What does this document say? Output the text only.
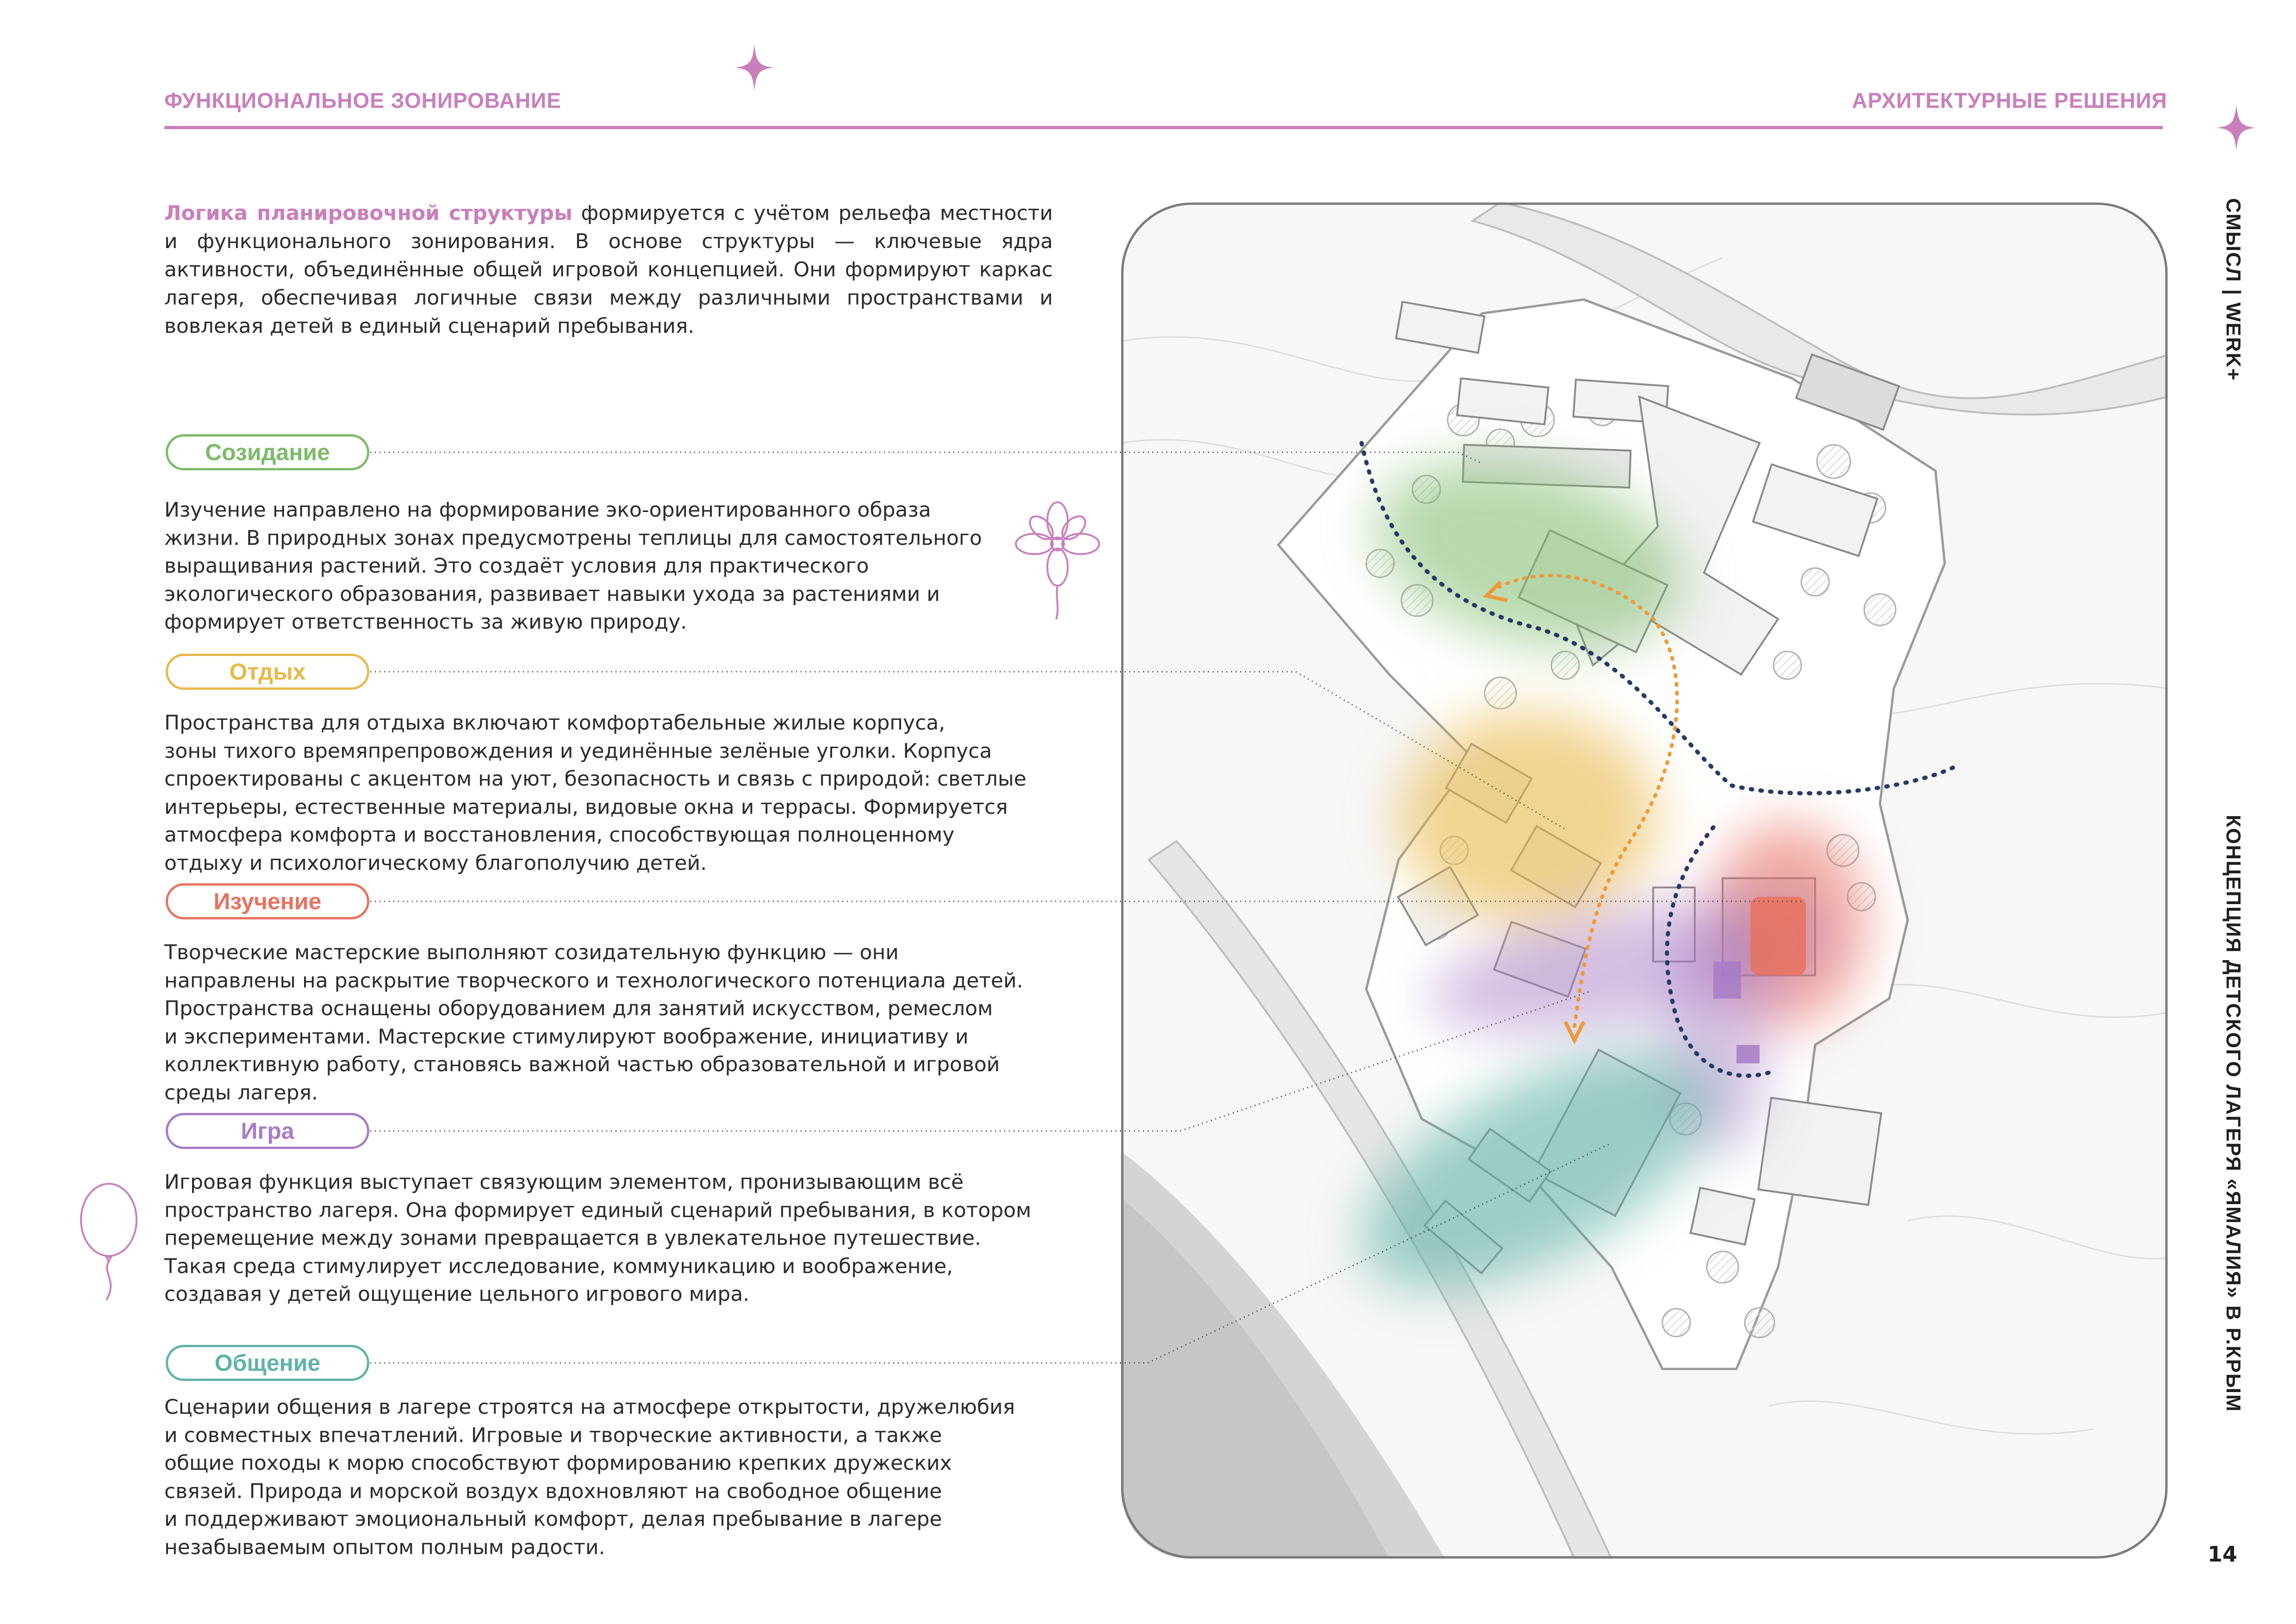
ФУНКЦИОНАЛЬНОЕ ЗОНИРОВАНИЕ	АРХИТЕКТУРНЫЕ РЕШЕНИЯ
Логика планировочной структуры формируется с учётом рельефа местности и функционального зонирования. В основе структуры — ключевые ядра активности, объединённые общей игровой концепцией. Они формируют каркас лагеря, обеспечивая логичные связи между различными пространствами и вовлекая детей в единый сценарий пребывания.
Созидание
Отдых
Изучение
Игра
Общение
Изучение направлено на формирование эко-ориентированного образа
жизни. В природных зонах предусмотрены теплицы для самостоятельного
выращивания растений. Это создаёт условия для практического
экологического образования, развивает навыки ухода за растениями и
формирует ответственность за живую природу.
Пространства для отдыха включают комфортабельные жилые корпуса,
зоны тихого времяпрепровождения и уединённые зелёные уголки. Корпуса
спроектированы с акцентом на уют, безопасность и связь с природой: светлые
интерьеры, естественные материалы, видовые окна и террасы. Формируется
атмосфера комфорта и восстановления, способствующая полноценному
отдыху и психологическому благополучию детей.
Творческие мастерские выполняют созидательную функцию — они
направлены на раскрытие творческого и технологического потенциала детей.
Пространства оснащены оборудованием для занятий искусством, ремеслом
и экспериментами. Мастерские стимулируют воображение, инициативу и
коллективную работу, становясь важной частью образовательной и игровой
среды лагеря.
Игровая функция выступает связующим элементом, пронизывающим всё
пространство лагеря. Она формирует единый сценарий пребывания, в котором
перемещение между зонами превращается в увлекательное путешествие.
Такая среда стимулирует исследование, коммуникацию и воображение,
создавая у детей ощущение цельного игрового мира.
Сценарии общения в лагере строятся на атмосфере открытости, дружелюбия
и совместных впечатлений. Игровые и творческие активности, а также
общие походы к морю способствуют формированию крепких дружеских
связей. Природа и морской воздух вдохновляют на свободное общение
и поддерживают эмоциональный комфорт, делая пребывание в лагере
незабываемым опытом полным радости.
СМЫСЛ | WERK+
КОНЦЕПЦИЯ ДЕТСКОГО ЛАГЕРЯ «ЯМАЛИЯ» В Р.КРЫМ
14
